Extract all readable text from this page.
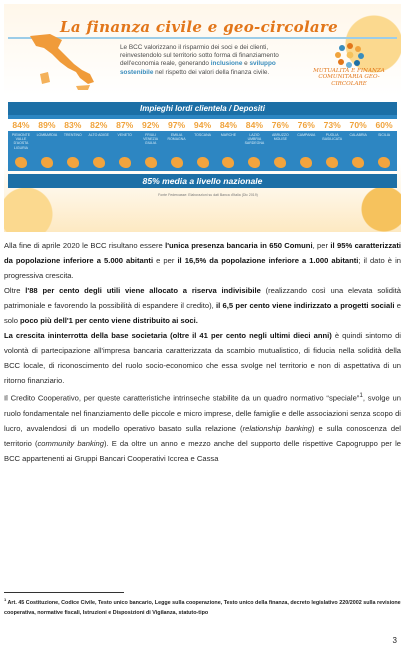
La finanza civile e geo-circolare
Le BCC valorizzano il risparmio dei soci e dei clienti, reinvestendolo sul territorio sotto forma di finanziamento dell'economia reale, generando inclusione e sviluppo sostenibile nel rispetto dei valori della finanza civile.	MUTUALITÀ E FINANZA COMUNITARIA GEO-CIRCOLARE
Impieghi lordi clientela / Depositi
84%
PIEMONTE VALLE D'AOSTA LIGURIA
89%
LOMBARDIA
83%
TRENTINO
82%
ALTO ADIGE
87%
VENETO
92%
FRIULI VENEZIA GIULIA
97%
EMILIA ROMAGNA
94%
TOSCANA
84%
MARCHE
84%
LAZIO UMBRIA SARDEGNA
76%
ABRUZZO MOLISE
76%
CAMPANIA
73%
PUGLIA BASILICATA
70%
CALABRIA
60%
SICILIA
85% media a livello nazionale
Fonte Federcasse: Elaborazioni su dati Banca d'Italia (Dic 2019)

Alla fine di aprile 2020 le BCC risultano essere l'unica presenza bancaria in 650 Comuni, per il 95% caratterizzati da popolazione inferiore a 5.000 abitanti e per il 16,5% da popolazione inferiore a 1.000 abitanti; il dato è in progressiva crescita.

Oltre l'88 per cento degli utili viene allocato a riserva indivisibile (realizzando così una elevata solidità patrimoniale e favorendo la possibilità di espandere il credito), il 6,5 per cento viene indirizzato a progetti sociali e solo poco più dell'1 per cento viene distribuito ai soci.

La crescita ininterrotta della base societaria (oltre il 41 per cento negli ultimi dieci anni) è quindi sintomo di volontà di partecipazione all'impresa bancaria caratterizzata da scambio mutualistico, di fiducia nella solidità della BCC locale, di riconoscimento del ruolo socio-economico che essa svolge nel territorio e non di aspettativa di un ritorno finanziario.

Il Credito Cooperativo, per queste caratteristiche intrinseche stabilite da un quadro normativo “speciale”$^1$, svolge un ruolo fondamentale nel finanziamento delle piccole e micro imprese, delle famiglie e delle associazioni senza scopo di lucro, avvalendosi di un modello operativo basato sulla relazione (relationship banking) e sulla conoscenza del territorio (community banking). E da oltre un anno e mezzo anche del supporto delle rispettive Capogruppo per le BCC appartenenti ai Gruppi Bancari Cooperativi Iccrea e Cassa

$^1$ Art. 45 Costituzione, Codice Civile, Testo unico bancario, Legge sulla cooperazione, Testo unico della finanza, decreto legislativo 220/2002 sulla revisione cooperativa, normative fiscali, Istruzioni e Disposizioni di Vigilanza, statuto-tipo
3
